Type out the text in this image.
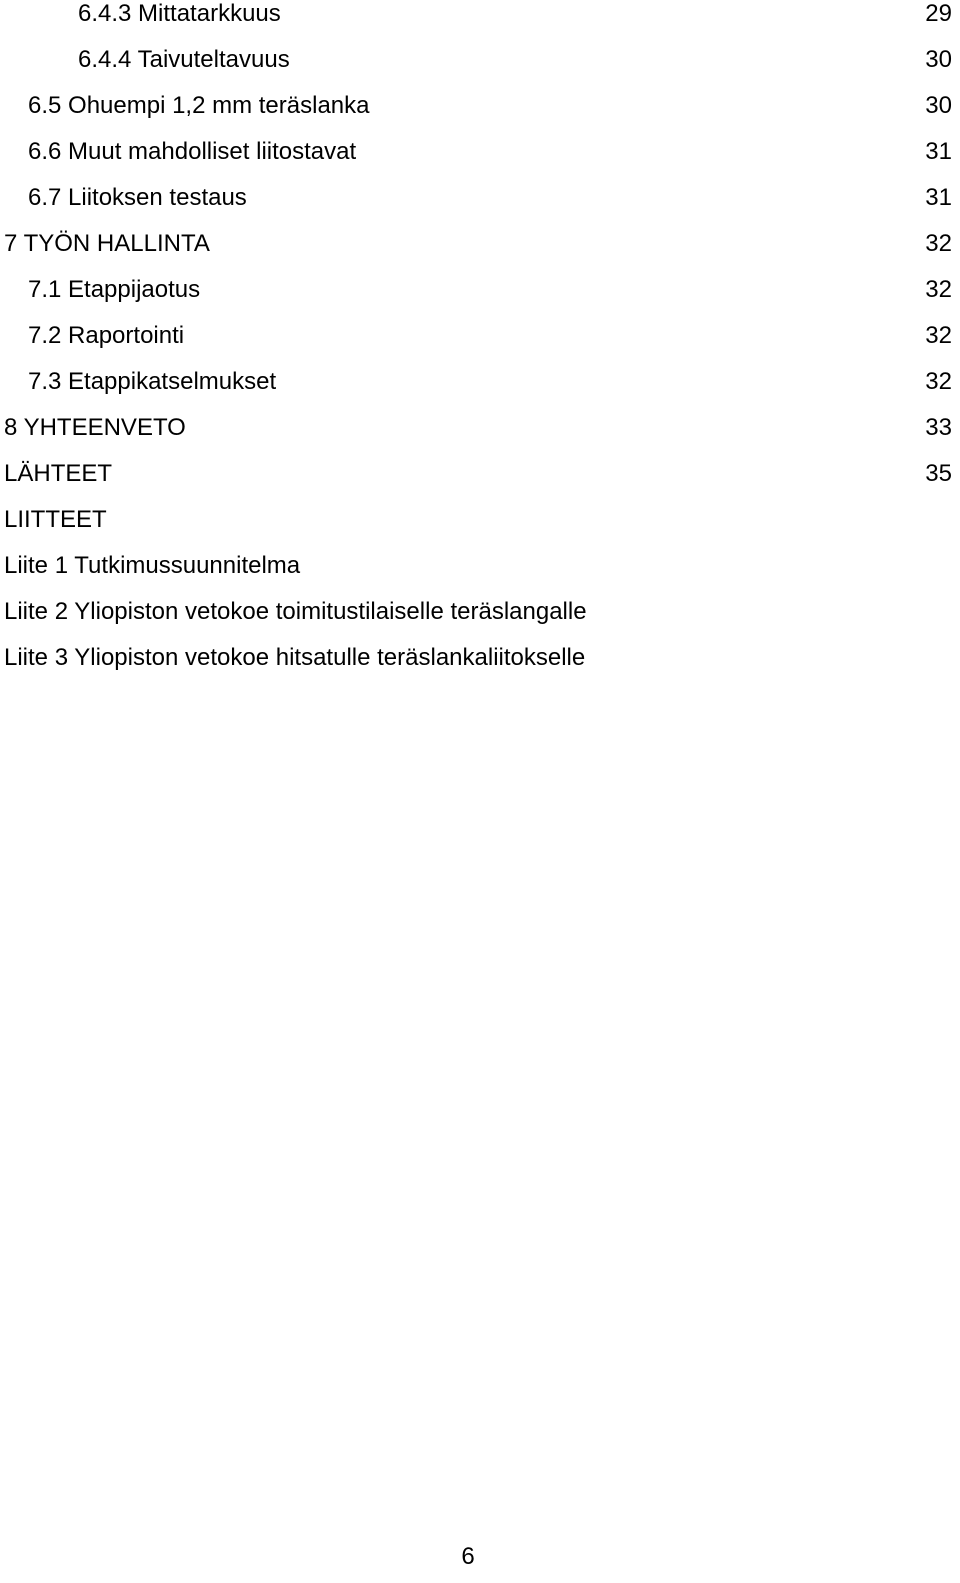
6.4.3 Mittatarkkuus	29
6.4.4 Taivuteltavuus	30
6.5 Ohuempi 1,2 mm teräslanka	30
6.6 Muut mahdolliset liitostavat	31
6.7 Liitoksen testaus	31
7 TYÖN HALLINTA	32
7.1 Etappijaotus	32
7.2 Raportointi	32
7.3 Etappikatselmukset	32
8 YHTEENVETO	33
LÄHTEET	35
LIITTEET
Liite 1 Tutkimussuunnitelma
Liite 2 Yliopiston vetokoe toimitustilaiselle teräslangalle
Liite 3 Yliopiston vetokoe hitsatulle teräslankaliitokselle
6
